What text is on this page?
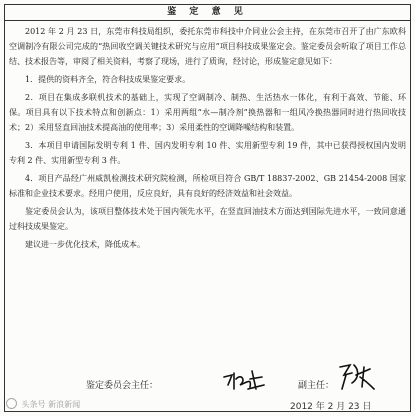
鉴 定 意 见

2012 年 2 月 23 日，东莞市科技局组织，委托东莞市科技中介同业公会主持，在东莞市召开了由广东欧科空调制冷有限公司完成的“热回收空调关键技术研究与应用”项目科技成果鉴定会。鉴定委员会听取了项目工作总结、技术报告等，审阅了相关资料，考察了现场，进行了质询，经讨论，形成鉴定意见如下：

1．提供的资料齐全，符合科技成果鉴定要求。

2．项目在集成多联机技术的基础上，实现了空调制冷、制热、生活热水一体化，有利于高效、节能、环保。项目具有以下技术特点和创新点：1）采用两组“水—制冷剂”换热器和一组风冷换热器同时进行热回收技术；2）采用竖直回油技术提高油的使用率；3）采用柔性的空调降噪结构和装置。

3．本项目申请国际发明专利 1 件、国内发明专利 10 件、实用新型专利 19 件，其中已获得授权国内发明专利 2 件、实用新型专利 3 件。

4．项目产品经广州威凯检测技术研究院检测，所检项目符合 GB/T 18837-2002、GB 21454-2008 国家标准和企业技术要求。经用户使用，反应良好，具有良好的经济效益和社会效益。

鉴定委员会认为，该项目整体技术处于国内领先水平，在竖直回油技术方面达到国际先进水平，一致同意通过科技成果鉴定。

建议进一步优化技术，降低成本。

鉴定委员会主任：	副主任：
2012 年 2 月 23 日
头条号 新浪新闻
